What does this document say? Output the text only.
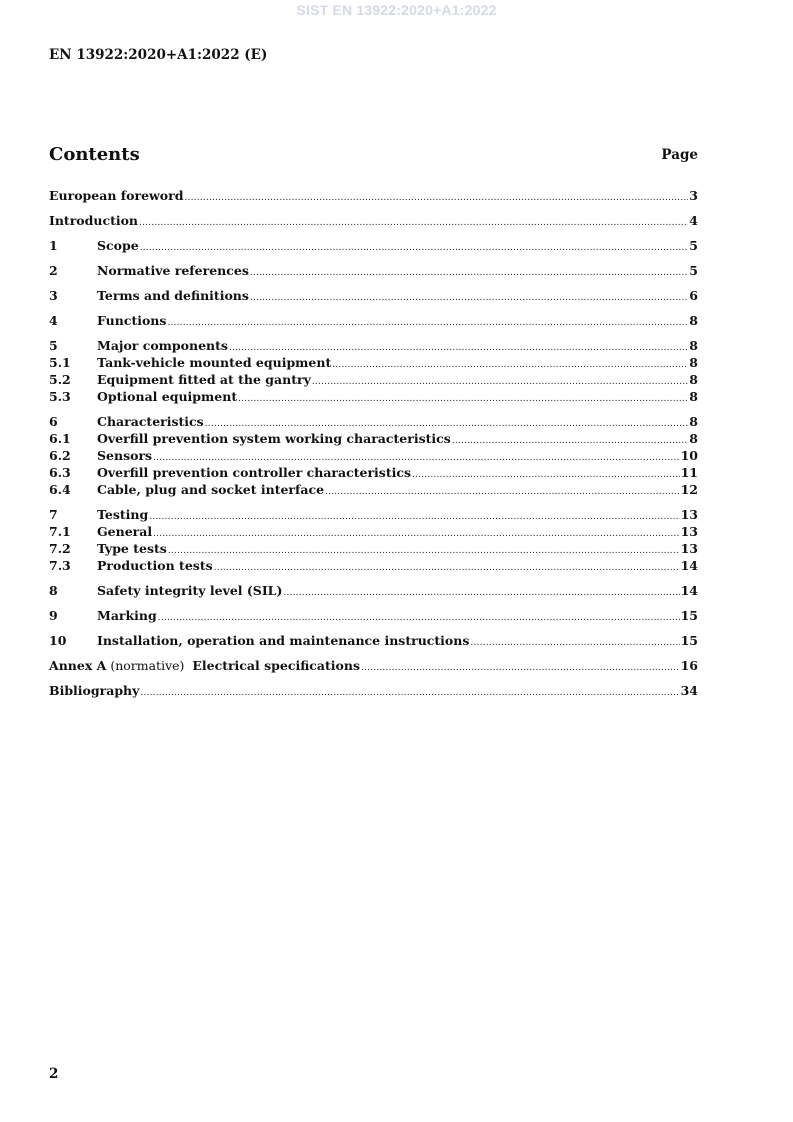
SIST EN 13922:2020+A1:2022
EN 13922:2020+A1:2022 (E)
Contents	Page
European foreword .....	3
Introduction .....	4
1	Scope .....	5
2	Normative references .....	5
3	Terms and definitions .....	6
4	Functions .....	8
5	Major components .....	8
5.1	Tank-vehicle mounted equipment .....	8
5.2	Equipment fitted at the gantry .....	8
5.3	Optional equipment .....	8
6	Characteristics .....	8
6.1	Overfill prevention system working characteristics .....	8
6.2	Sensors .....	10
6.3	Overfill prevention controller characteristics .....	11
6.4	Cable, plug and socket interface .....	12
7	Testing .....	13
7.1	General .....	13
7.2	Type tests .....	13
7.3	Production tests .....	14
8	Safety integrity level (SIL) .....	14
9	Marking .....	15
10	Installation, operation and maintenance instructions .....	15
Annex A (normative)  Electrical specifications .....	16
Bibliography .....	34
2
